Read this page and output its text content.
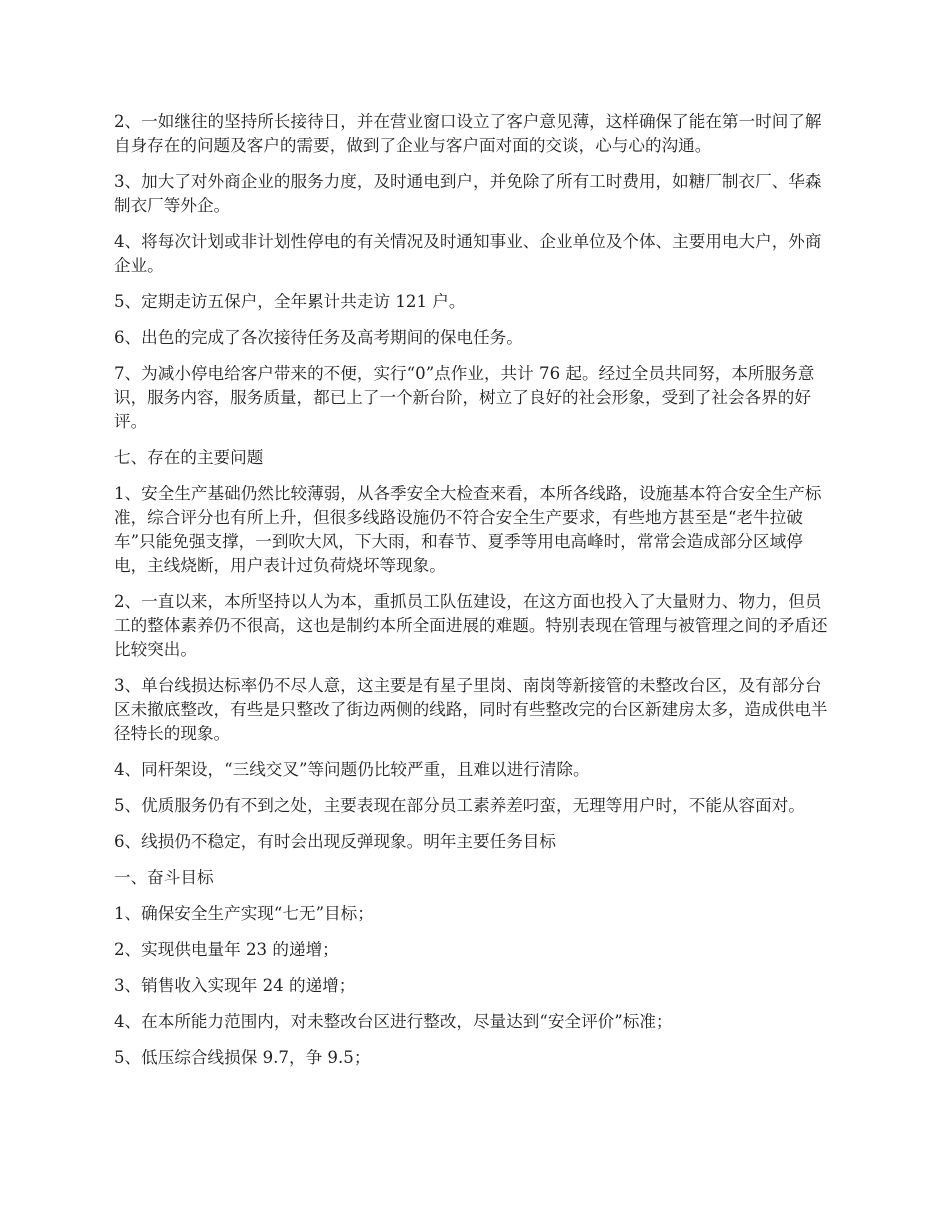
2、一如继往的坚持所长接待日，并在营业窗口设立了客户意见薄，这样确保了能在第一时间了解自身存在的问题及客户的需要，做到了企业与客户面对面的交谈，心与心的沟通。

3、加大了对外商企业的服务力度，及时通电到户，并免除了所有工时费用，如糖厂制衣厂、华森制衣厂等外企。

4、将每次计划或非计划性停电的有关情况及时通知事业、企业单位及个体、主要用电大户，外商企业。

5、定期走访五保户，全年累计共走访 121 户。

6、出色的完成了各次接待任务及高考期间的保电任务。

7、为减小停电给客户带来的不便，实行“0”点作业，共计 76 起。经过全员共同努，本所服务意识，服务内容，服务质量，都已上了一个新台阶，树立了良好的社会形象，受到了社会各界的好评。

七、存在的主要问题

1、安全生产基础仍然比较薄弱，从各季安全大检查来看，本所各线路，设施基本符合安全生产标准，综合评分也有所上升，但很多线路设施仍不符合安全生产要求，有些地方甚至是“老牛拉破车”只能免强支撑，一到吹大风，下大雨，和春节、夏季等用电高峰时，常常会造成部分区域停电，主线烧断，用户表计过负荷烧坏等现象。

2、一直以来，本所坚持以人为本，重抓员工队伍建设，在这方面也投入了大量财力、物力，但员工的整体素养仍不很高，这也是制约本所全面进展的难题。特别表现在管理与被管理之间的矛盾还比较突出。

3、单台线损达标率仍不尽人意，这主要是有星子里岗、南岗等新接管的未整改台区，及有部分台区未撤底整改，有些是只整改了街边两侧的线路，同时有些整改完的台区新建房太多，造成供电半径特长的现象。

4、同杆架设，“三线交叉”等问题仍比较严重，且难以进行清除。

5、优质服务仍有不到之处，主要表现在部分员工素养差叼蛮，无理等用户时，不能从容面对。

6、线损仍不稳定，有时会出现反弹现象。明年主要任务目标

一、奋斗目标

1、确保安全生产实现“七无”目标；

2、实现供电量年 23 的递增；

3、销售收入实现年 24 的递增；

4、在本所能力范围内，对未整改台区进行整改，尽量达到“安全评价”标准；

5、低压综合线损保 9.7，争 9.5；
